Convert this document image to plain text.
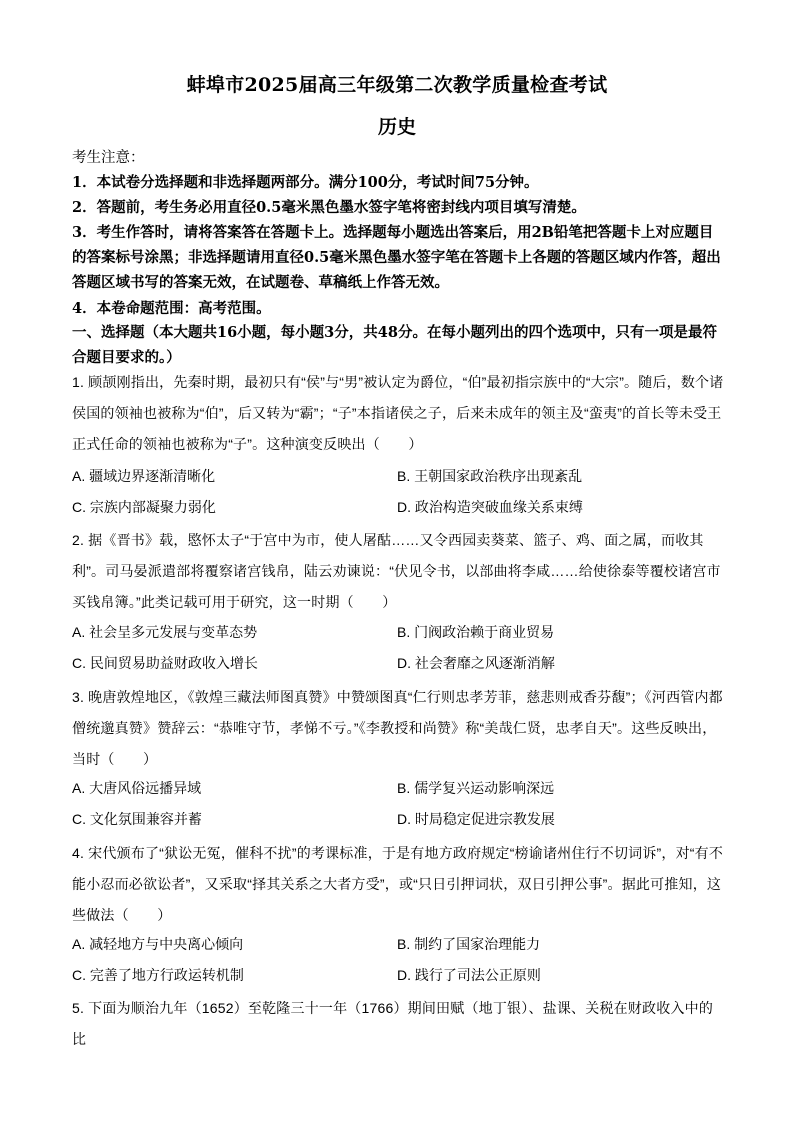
蚌埠市2025届高三年级第二次教学质量检查考试
历史
考生注意：
1．本试卷分选择题和非选择题两部分。满分100分，考试时间75分钟。
2．答题前，考生务必用直径0.5毫米黑色墨水签字笔将密封线内项目填写清楚。
3．考生作答时，请将答案答在答题卡上。选择题每小题选出答案后，用2B铅笔把答题卡上对应题目的答案标号涂黑；非选择题请用直径0.5毫米黑色墨水签字笔在答题卡上各题的答题区域内作答，超出答题区域书写的答案无效，在试题卷、草稿纸上作答无效。
4．本卷命题范围：高考范围。
一、选择题（本大题共16小题，每小题3分，共48分。在每小题列出的四个选项中，只有一项是最符合题目要求的。）
1. 顾颉刚指出，先秦时期，最初只有“侯”与“男”被认定为爵位，“伯”最初指宗族中的“大宗”。随后，数个诸侯国的领袖也被称为“伯”，后又转为“霸”；“子”本指诸侯之子，后来未成年的领主及“蛮夷”的首长等未受王正式任命的领袖也被称为“子”。这种演变反映出（　　）
A. 疆域边界逐渐清晰化	B. 王朝国家政治秩序出现紊乱
C. 宗族内部凝聚力弱化	D. 政治构造突破血缘关系束缚
2. 据《晋书》载，愍怀太子“于宫中为市，使人屠酤……又令西园卖葵菜、篮子、鸡、面之属，而收其利”。司马晏派遣部将覆察诸宫钱帛，陆云劝谏说：“伏见令书，以部曲将李咸……给使徐泰等覆校诸宫市买钱帛簿。”此类记载可用于研究，这一时期（　　）
A. 社会呈多元发展与变革态势	B. 门阀政治赖于商业贸易
C. 民间贸易助益财政收入增长	D. 社会奢靡之风逐渐消解
3. 晚唐敦煌地区，《敦煌三藏法师图真赞》中赞颂图真“仁行则忠孝芳菲，慈悲则戒香芬馥”；《河西管内都僧统邈真赞》赞辞云：“恭唯守节，孝悌不亏。”《李教授和尚赞》称“美哉仁贤，忠孝自天”。这些反映出，当时（　　）
A. 大唐风俗远播异域	B. 儒学复兴运动影响深远
C. 文化氛围兼容并蓄	D. 时局稳定促进宗教发展
4. 宋代颁布了“狱讼无冤，催科不扰”的考课标准，于是有地方政府规定“榜谕诸州住行不切词诉”，对“有不能小忍而必欲讼者”，又采取“择其关系之大者方受”，或“只日引押词状，双日引押公事”。据此可推知，这些做法（　　）
A. 减轻地方与中央离心倾向	B. 制约了国家治理能力
C. 完善了地方行政运转机制	D. 践行了司法公正原则
5. 下面为顺治九年（1652）至乾隆三十一年（1766）期间田赋（地丁银）、盐课、关税在财政收入中的比
